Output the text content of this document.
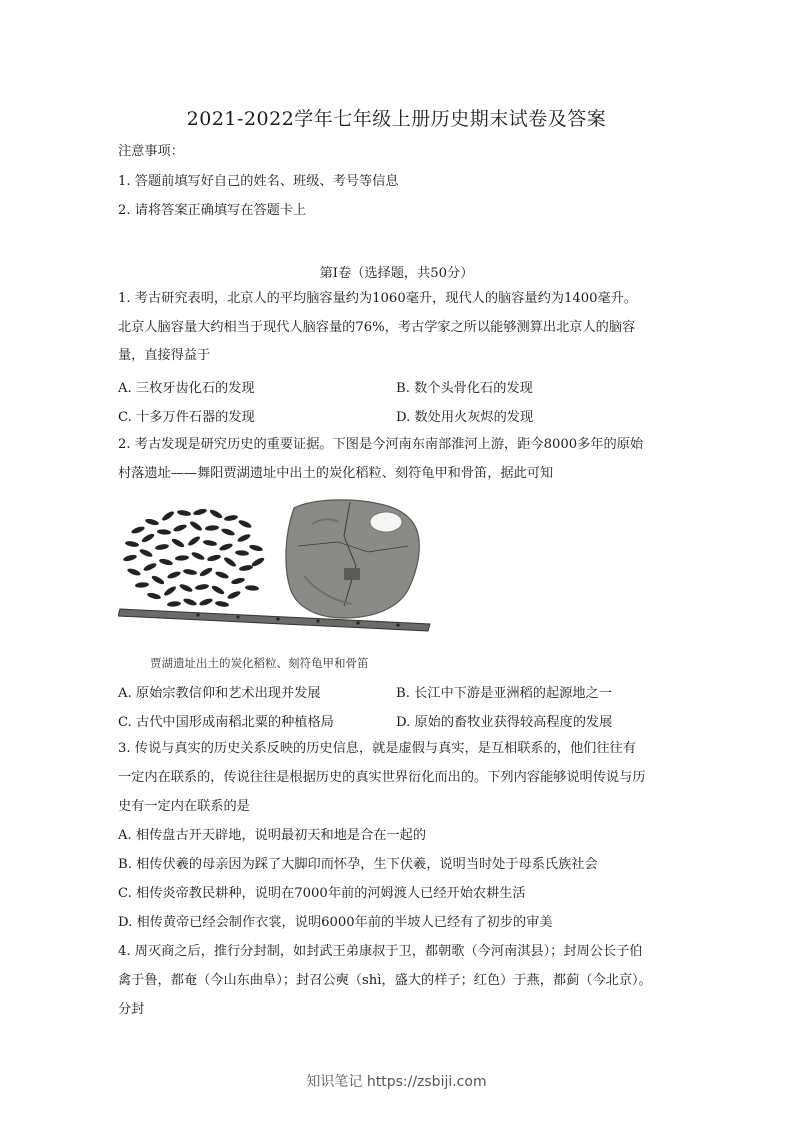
2021-2022学年七年级上册历史期末试卷及答案
注意事项：
1. 答题前填写好自己的姓名、班级、考号等信息
2. 请将答案正确填写在答题卡上
第Ⅰ卷（选择题，共50分）
1. 考古研究表明，北京人的平均脑容量约为1060毫升，现代人的脑容量约为1400毫升。
北京人脑容量大约相当于现代人脑容量的76%，考古学家之所以能够测算出北京人的脑容
量，直接得益于
A. 三枚牙齿化石的发现	B. 数个头骨化石的发现
C. 十多万件石器的发现	D. 数处用火灰烬的发现
2. 考古发现是研究历史的重要证据。下图是今河南东南部淮河上游，距今8000多年的原始
村落遗址——舞阳贾湖遗址中出土的炭化稻粒、刻符龟甲和骨笛，据此可知
贾湖遗址出土的炭化稻粒、刻符龟甲和骨笛
A. 原始宗教信仰和艺术出现并发展	B. 长江中下游是亚洲稻的起源地之一
C. 古代中国形成南稻北粟的种植格局	D. 原始的畜牧业获得较高程度的发展
3. 传说与真实的历史关系反映的历史信息，就是虚假与真实，是互相联系的，他们往往有
一定内在联系的，传说往往是根据历史的真实世界衍化而出的。下列内容能够说明传说与历
史有一定内在联系的是
A. 相传盘古开天辟地，说明最初天和地是合在一起的
B. 相传伏羲的母亲因为踩了大脚印而怀孕，生下伏羲，说明当时处于母系氏族社会
C. 相传炎帝教民耕种，说明在7000年前的河姆渡人已经开始农耕生活
D. 相传黄帝已经会制作衣裳，说明6000年前的半坡人已经有了初步的审美
4. 周灭商之后，推行分封制，如封武王弟康叔于卫，都朝歌（今河南淇县）；封周公长子伯
禽于鲁，都奄（今山东曲阜）；封召公奭（shì，盛大的样子；红色）于燕，都蓟（今北京）。
分封
知识笔记 https://zsbiji.com
